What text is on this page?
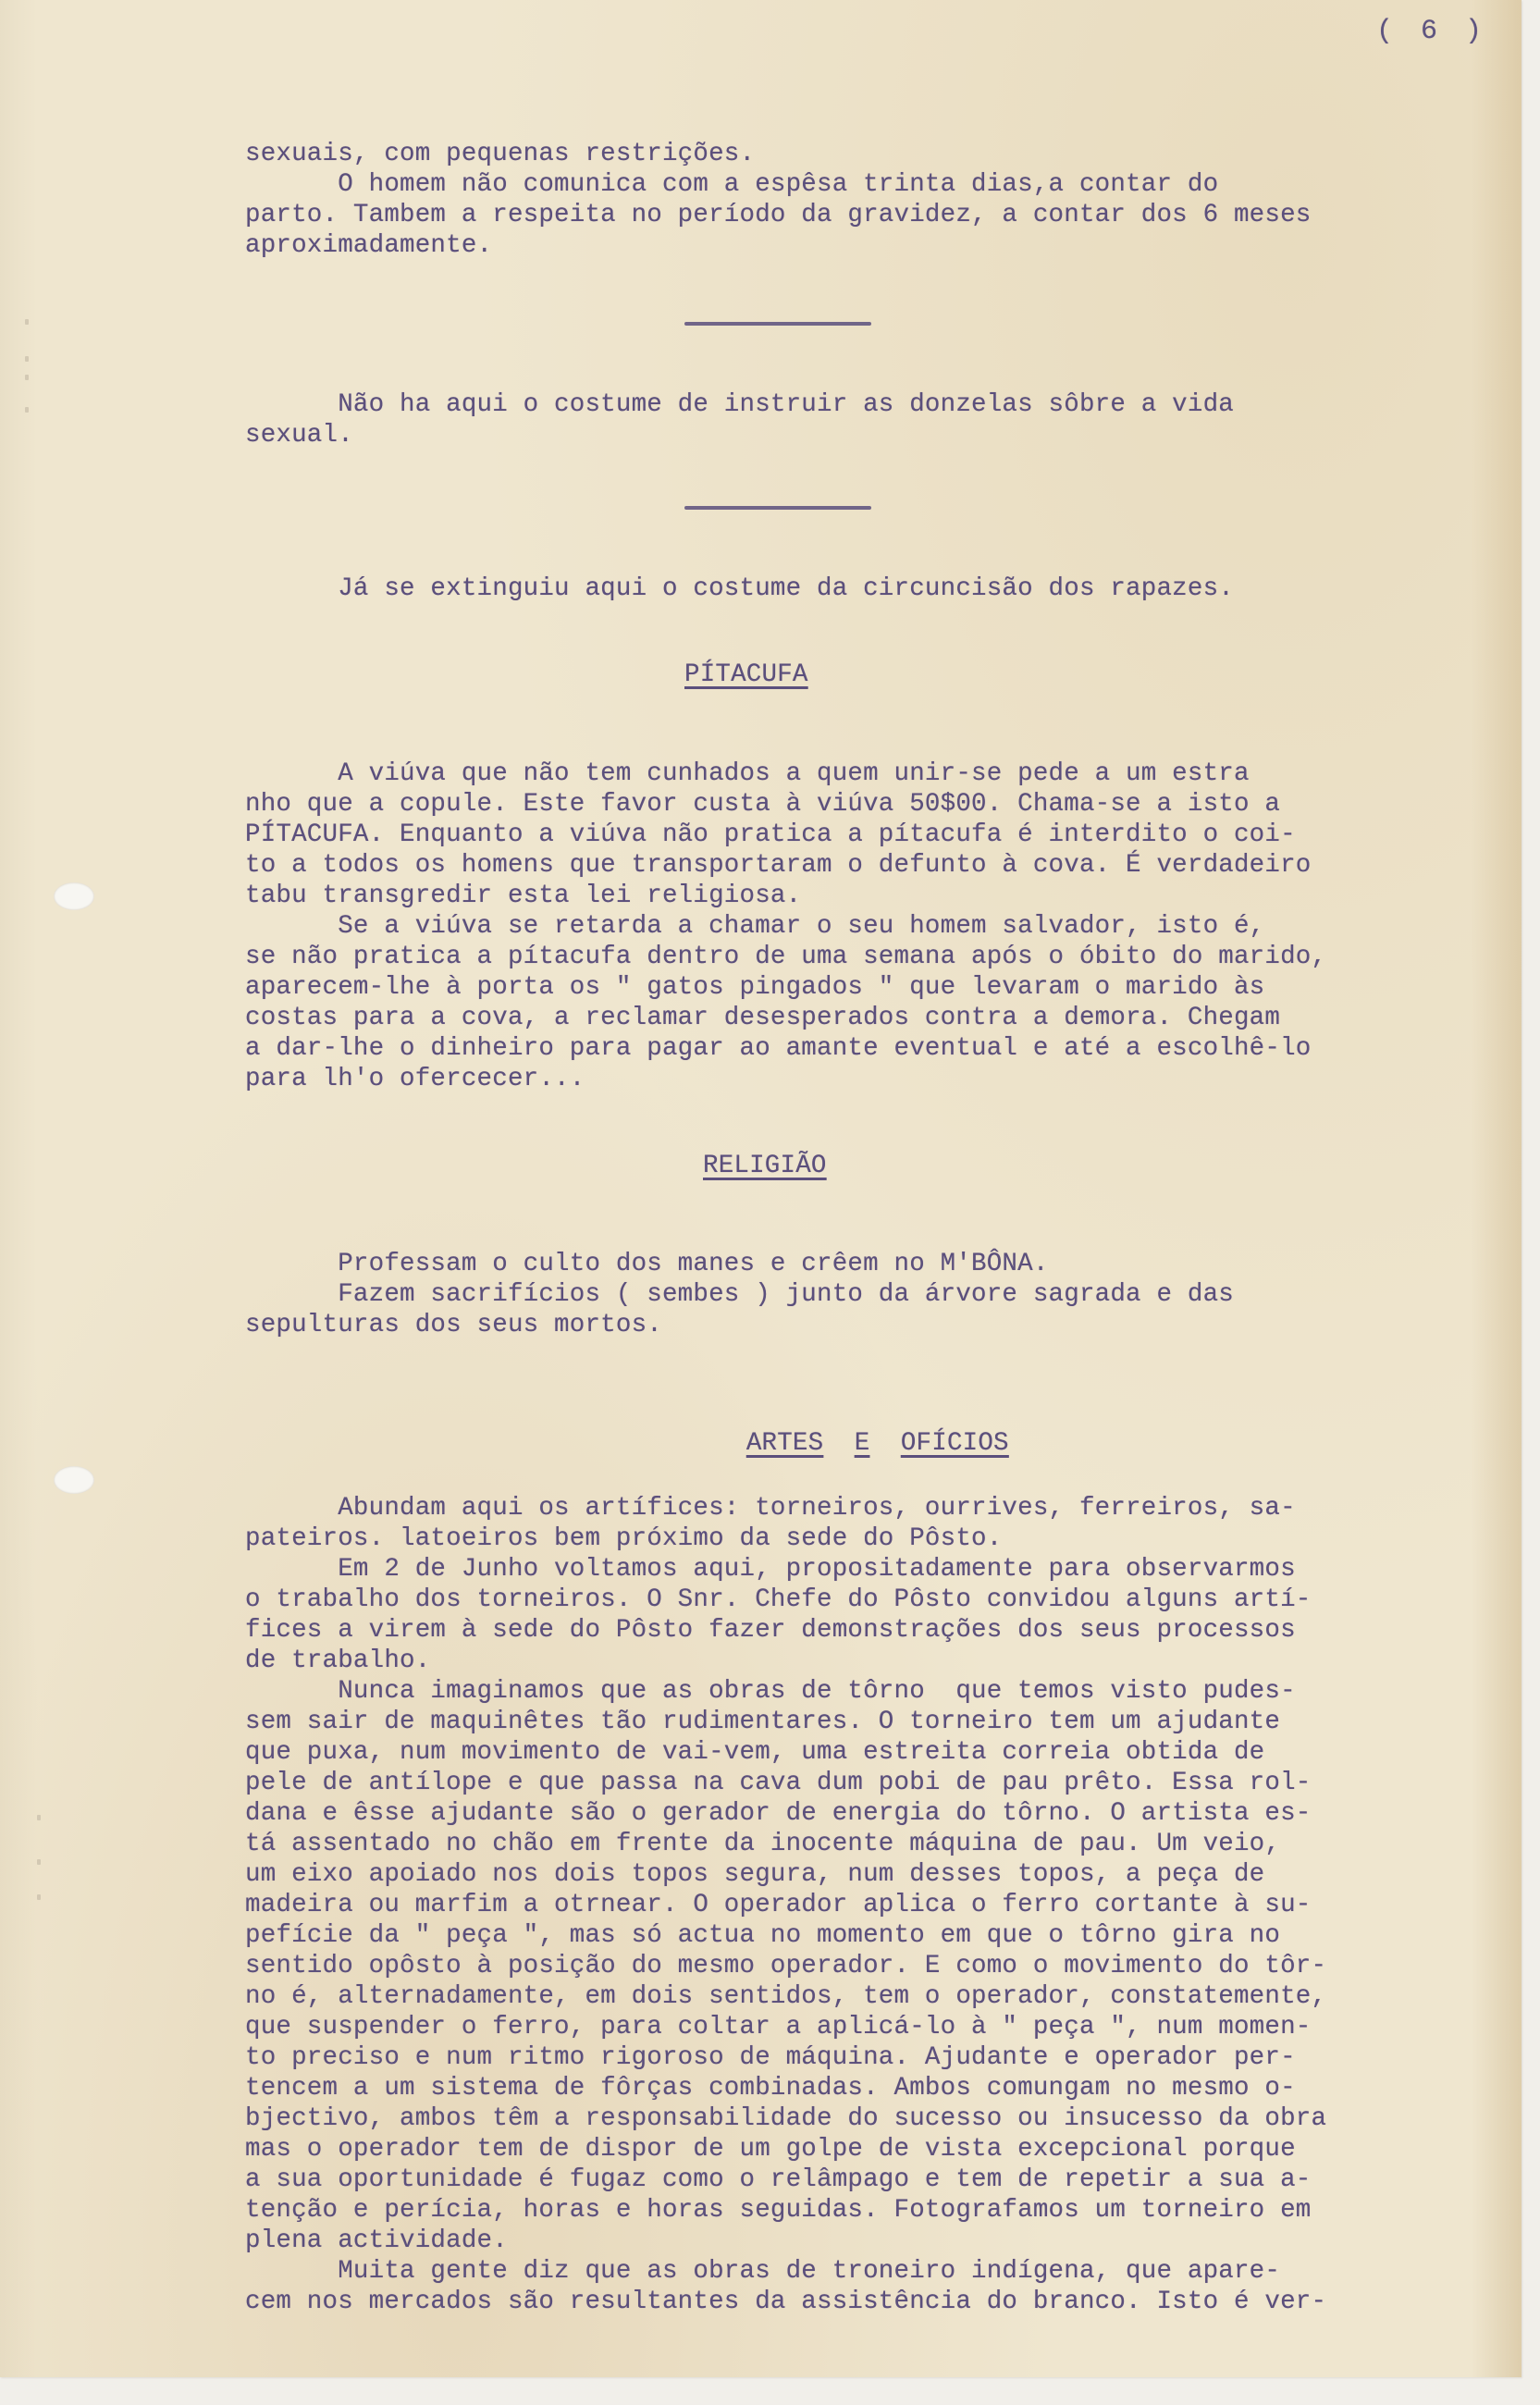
( 6 )
sexuais, com pequenas restrições.
O homem não comunica com a espêsa trinta dias,a contar do
parto. Tambem a respeita no período da gravidez, a contar dos 6 meses
aproximadamente.
Não ha aqui o costume de instruir as donzelas sôbre a vida
sexual.
Já se extinguiu aqui o costume da circuncisão dos rapazes.
PÍTACUFA
A viúva que não tem cunhados a quem unir-se pede a um estra
nho que a copule. Este favor custa à viúva 50$00. Chama-se a isto a
PÍTACUFA. Enquanto a viúva não pratica a pítacufa é interdito o coi-
to a todos os homens que transportaram o defunto à cova. É verdadeiro
tabu transgredir esta lei religiosa.
Se a viúva se retarda a chamar o seu homem salvador, isto é,
se não pratica a pítacufa dentro de uma semana após o óbito do marido,
aparecem-lhe à porta os " gatos pingados " que levaram o marido às
costas para a cova, a reclamar desesperados contra a demora. Chegam
a dar-lhe o dinheiro para pagar ao amante eventual e até a escolhê-lo
para lh'o ofercecer...
RELIGIÃO
Professam o culto dos manes e crêem no M'BÔNA.
Fazem sacrifícios ( sembes ) junto da árvore sagrada e das
sepulturas dos seus mortos.

ARTES E OFÍCIOS

Abundam aqui os artífices: torneiros, ourrives, ferreiros, sa-
pateiros. latoeiros bem próximo da sede do Pôsto.
Em 2 de Junho voltamos aqui, propositadamente para observarmos
o trabalho dos torneiros. O Snr. Chefe do Pôsto convidou alguns artí-
fices a virem à sede do Pôsto fazer demonstrações dos seus processos
de trabalho.
Nunca imaginamos que as obras de tôrno  que temos visto pudes-
sem sair de maquinêtes tão rudimentares. O torneiro tem um ajudante
que puxa, num movimento de vai-vem, uma estreita correia obtida de
pele de antílope e que passa na cava dum pobi de pau prêto. Essa rol-
dana e êsse ajudante são o gerador de energia do tôrno. O artista es-
tá assentado no chão em frente da inocente máquina de pau. Um veio,
um eixo apoiado nos dois topos segura, num desses topos, a peça de
madeira ou marfim a otrnear. O operador aplica o ferro cortante à su-
pefície da " peça ", mas só actua no momento em que o tôrno gira no
sentido opôsto à posição do mesmo operador. E como o movimento do tôr-
no é, alternadamente, em dois sentidos, tem o operador, constatemente,
que suspender o ferro, para coltar a aplicá-lo à " peça ", num momen-
to preciso e num ritmo rigoroso de máquina. Ajudante e operador per-
tencem a um sistema de fôrças combinadas. Ambos comungam no mesmo o-
bjectivo, ambos têm a responsabilidade do sucesso ou insucesso da obra
mas o operador tem de dispor de um golpe de vista excepcional porque
a sua oportunidade é fugaz como o relâmpago e tem de repetir a sua a-
tenção e perícia, horas e horas seguidas. Fotografamos um torneiro em
plena actividade.
Muita gente diz que as obras de troneiro indígena, que apare-
cem nos mercados são resultantes da assistência do branco. Isto é ver-
